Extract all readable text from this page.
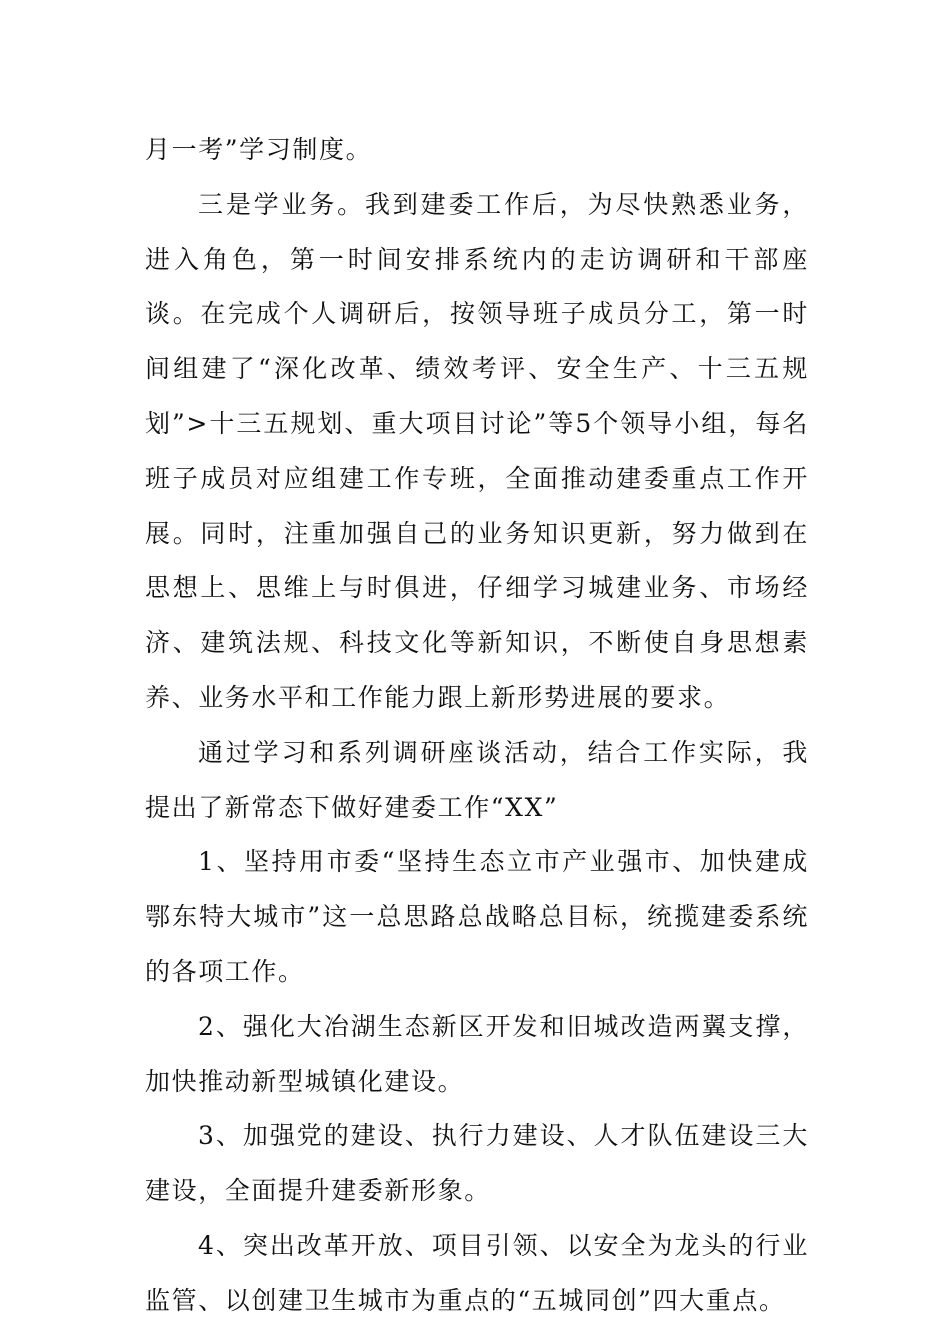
月一考”学习制度。

三是学业务。我到建委工作后，为尽快熟悉业务，进入角色，第一时间安排系统内的走访调研和干部座谈。在完成个人调研后，按领导班子成员分工，第一时间组建了“深化改革、绩效考评、安全生产、十三五规划”>十三五规划、重大项目讨论”等5个领导小组，每名班子成员对应组建工作专班，全面推动建委重点工作开展。同时，注重加强自己的业务知识更新，努力做到在思想上、思维上与时俱进，仔细学习城建业务、市场经济、建筑法规、科技文化等新知识，不断使自身思想素养、业务水平和工作能力跟上新形势进展的要求。

通过学习和系列调研座谈活动，结合工作实际，我提出了新常态下做好建委工作“XX”

1、坚持用市委“坚持生态立市产业强市、加快建成鄂东特大城市”这一总思路总战略总目标，统揽建委系统的各项工作。

2、强化大冶湖生态新区开发和旧城改造两翼支撑，加快推动新型城镇化建设。

3、加强党的建设、执行力建设、人才队伍建设三大建设，全面提升建委新形象。

4、突出改革开放、项目引领、以安全为龙头的行业监管、以创建卫生城市为重点的“五城同创”四大重点。
